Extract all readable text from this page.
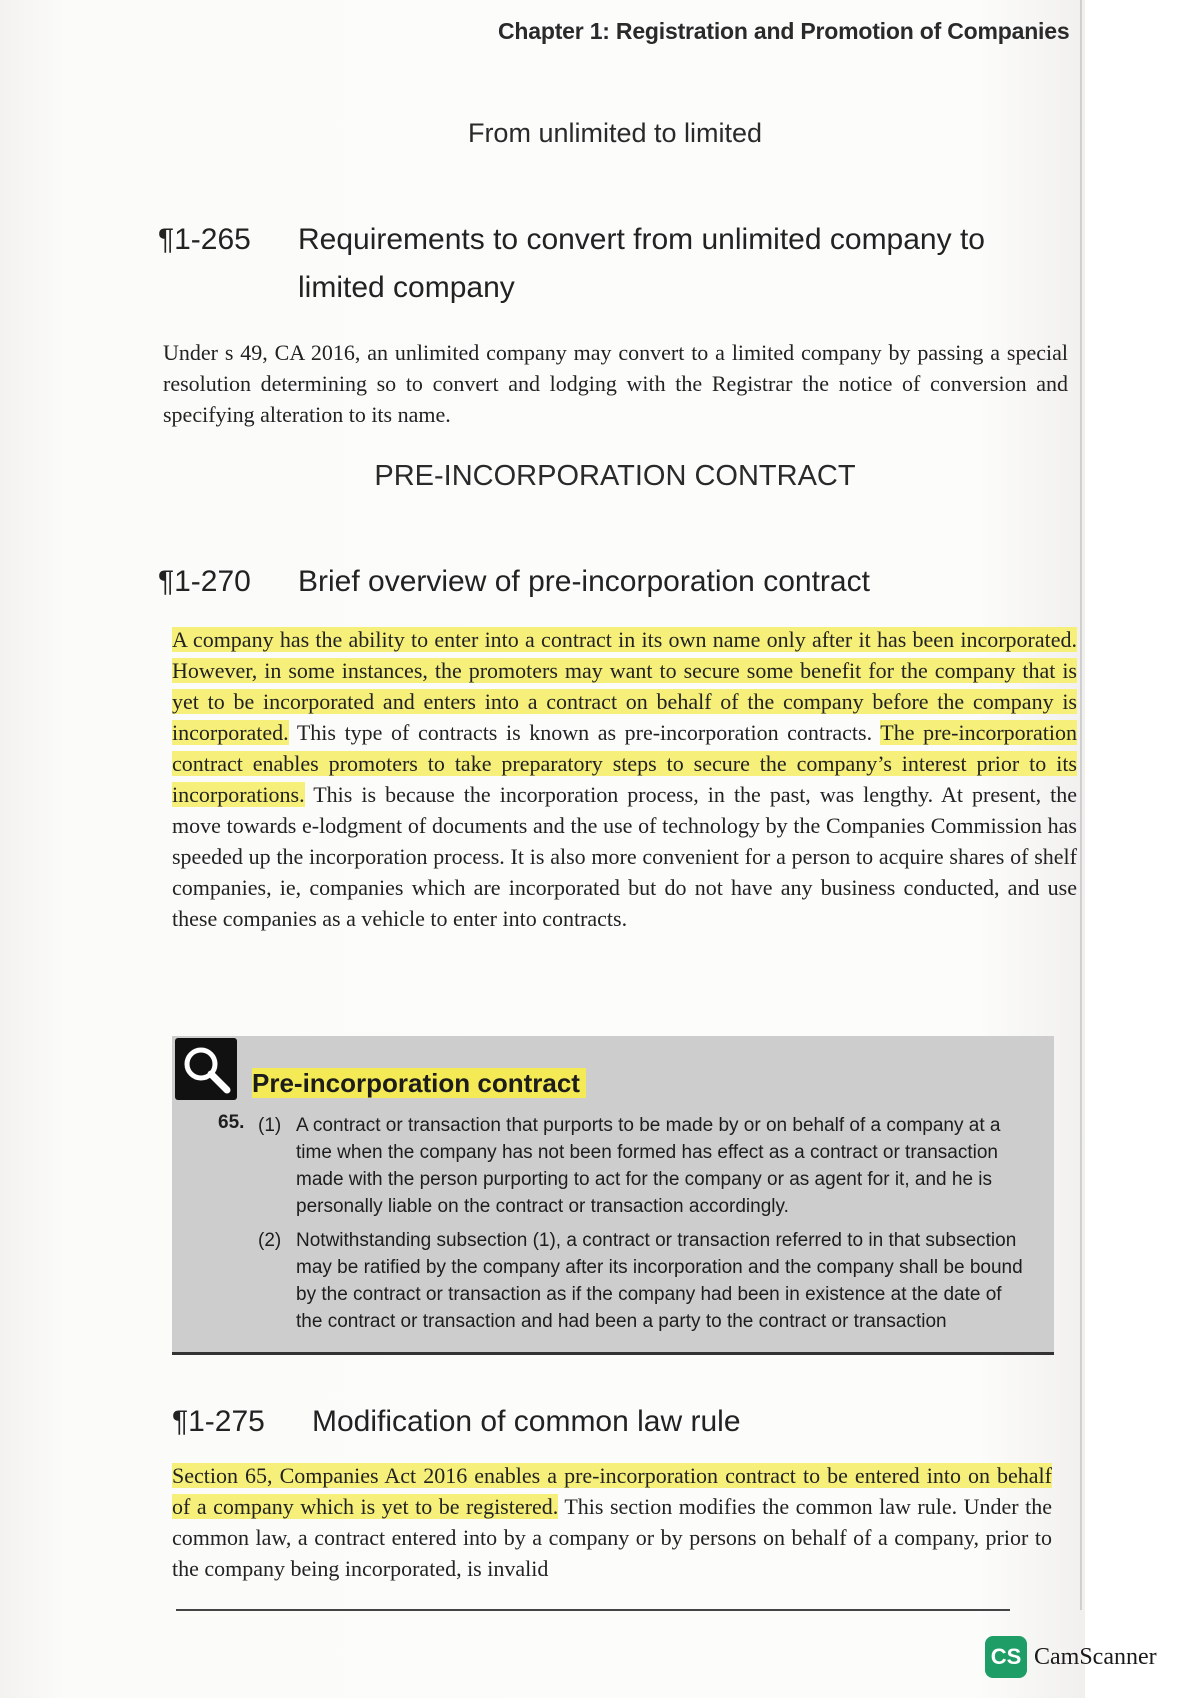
Chapter 1: Registration and Promotion of Companies
From unlimited to limited
¶1-265	Requirements to convert from unlimited company to limited company
Under s 49, CA 2016, an unlimited company may convert to a limited company by passing a special resolution determining so to convert and lodging with the Registrar the notice of conversion and specifying alteration to its name.
PRE-INCORPORATION CONTRACT
¶1-270	Brief overview of pre-incorporation contract
A company has the ability to enter into a contract in its own name only after it has been incorporated. However, in some instances, the promoters may want to secure some benefit for the company that is yet to be incorporated and enters into a contract on behalf of the company before the company is incorporated. This type of contracts is known as pre-incorporation contracts. The pre-incorporation contract enables promoters to take preparatory steps to secure the company’s interest prior to its incorporations. This is because the incorporation process, in the past, was lengthy. At present, the move towards e-lodgment of documents and the use of technology by the Companies Commission has speeded up the incorporation process. It is also more convenient for a person to acquire shares of shelf companies, ie, companies which are incorporated but do not have any business conducted, and use these companies as a vehicle to enter into contracts.
Pre-incorporation contract
65. (1) A contract or transaction that purports to be made by or on behalf of a company at a time when the company has not been formed has effect as a contract or transaction made with the person purporting to act for the company or as agent for it, and he is personally liable on the contract or transaction accordingly.
(2) Notwithstanding subsection (1), a contract or transaction referred to in that subsection may be ratified by the company after its incorporation and the company shall be bound by the contract or transaction as if the company had been in existence at the date of the contract or transaction and had been a party to the contract or transaction
¶1-275	Modification of common law rule
Section 65, Companies Act 2016 enables a pre-incorporation contract to be entered into on behalf of a company which is yet to be registered. This section modifies the common law rule. Under the common law, a contract entered into by a company or by persons on behalf of a company, prior to the company being incorporated, is invalid
CS CamScanner
